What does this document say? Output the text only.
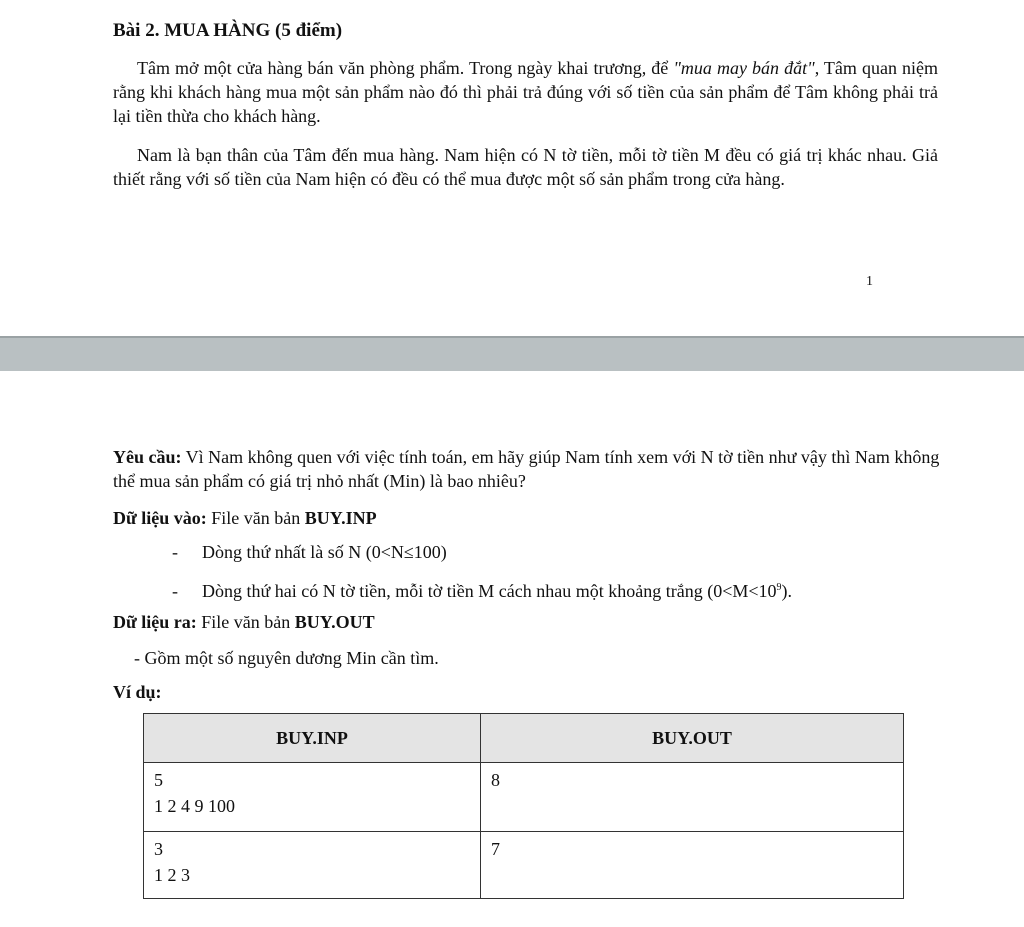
Bài 2. MUA HÀNG (5 điểm)

Tâm mở một cửa hàng bán văn phòng phẩm. Trong ngày khai trương, để "mua may bán đắt", Tâm quan niệm rằng khi khách hàng mua một sản phẩm nào đó thì phải trả đúng với số tiền của sản phẩm để Tâm không phải trả lại tiền thừa cho khách hàng.

Nam là bạn thân của Tâm đến mua hàng. Nam hiện có N tờ tiền, mỗi tờ tiền M đều có giá trị khác nhau. Giả thiết rằng với số tiền của Nam hiện có đều có thể mua được một số sản phẩm trong cửa hàng.

1

Yêu cầu: Vì Nam không quen với việc tính toán, em hãy giúp Nam tính xem với N tờ tiền như vậy thì Nam không thể mua sản phẩm có giá trị nhỏ nhất (Min) là bao nhiêu?

Dữ liệu vào: File văn bản BUY.INP

- Dòng thứ nhất là số N (0<N≤100)

- Dòng thứ hai có N tờ tiền, mỗi tờ tiền M cách nhau một khoảng trắng $(0<M<10^9)$.

Dữ liệu ra: File văn bản BUY.OUT

- Gồm một số nguyên dương Min cần tìm.

Ví dụ:

BUY.INP	BUY.OUT

5
1 2 4 9 100	8

3
1 2 3	7
